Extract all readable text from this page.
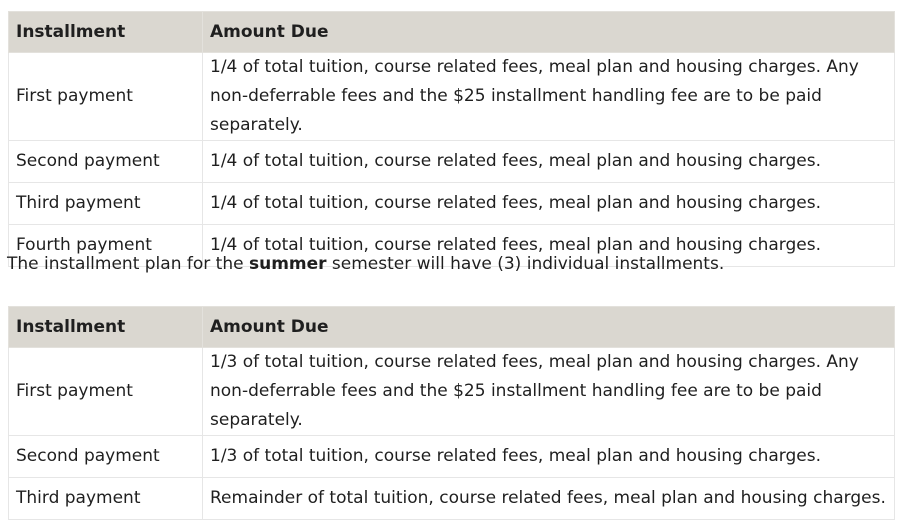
Installment	Amount Due
First payment	1/4 of total tuition, course related fees, meal plan and housing charges. Any non-deferrable fees and the $25 installment handling fee are to be paid separately.
Second payment	1/4 of total tuition, course related fees, meal plan and housing charges.
Third payment	1/4 of total tuition, course related fees, meal plan and housing charges.
Fourth payment	1/4 of total tuition, course related fees, meal plan and housing charges.
The installment plan for the summer semester will have (3) individual installments.
Installment	Amount Due
First payment	1/3 of total tuition, course related fees, meal plan and housing charges. Any non-deferrable fees and the $25 installment handling fee are to be paid separately.
Second payment	1/3 of total tuition, course related fees, meal plan and housing charges.
Third payment	Remainder of total tuition, course related fees, meal plan and housing charges.
